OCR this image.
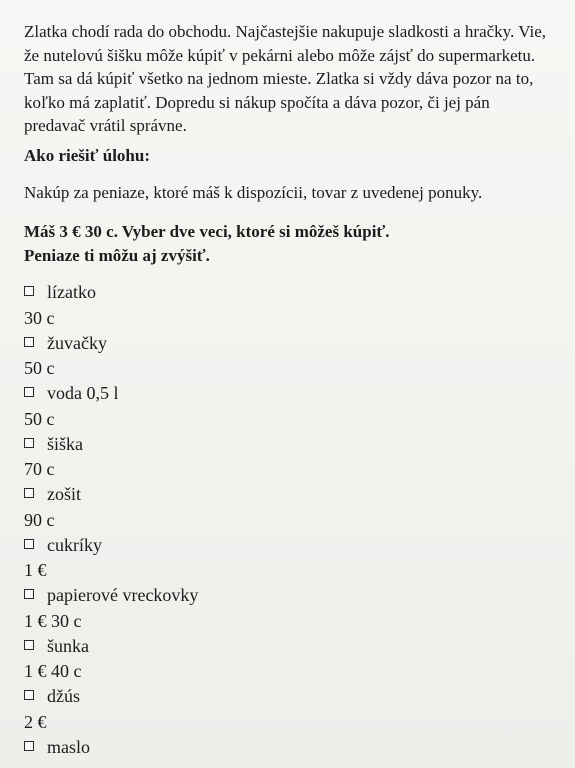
Zlatka chodí rada do obchodu. Najčastejšie nakupuje sladkosti a hračky. Vie, že nutelovú šišku môže kúpiť v pekárni alebo môže zájsť do supermarketu. Tam sa dá kúpiť všetko na jednom mieste. Zlatka si vždy dáva pozor na to, koľko má zaplatiť. Dopredu si nákup spočíta a dáva pozor, či jej pán predavač vrátil správne.

Ako riešiť úlohu:

Nakúp za peniaze, ktoré máš k dispozícii, tovar z uvedenej ponuky.

Máš 3 € 30 c. Vyber dve veci, ktoré si môžeš kúpiť.
Peniaze ti môžu aj zvýšiť.

lízatko
30 c
žuvačky
50 c
voda 0,5 l
50 c
šiška
70 c
zošit
90 c
cukríky
1 €
papierové vreckovky
1 € 30 c
šunka
1 € 40 c
džús
2 €
maslo
